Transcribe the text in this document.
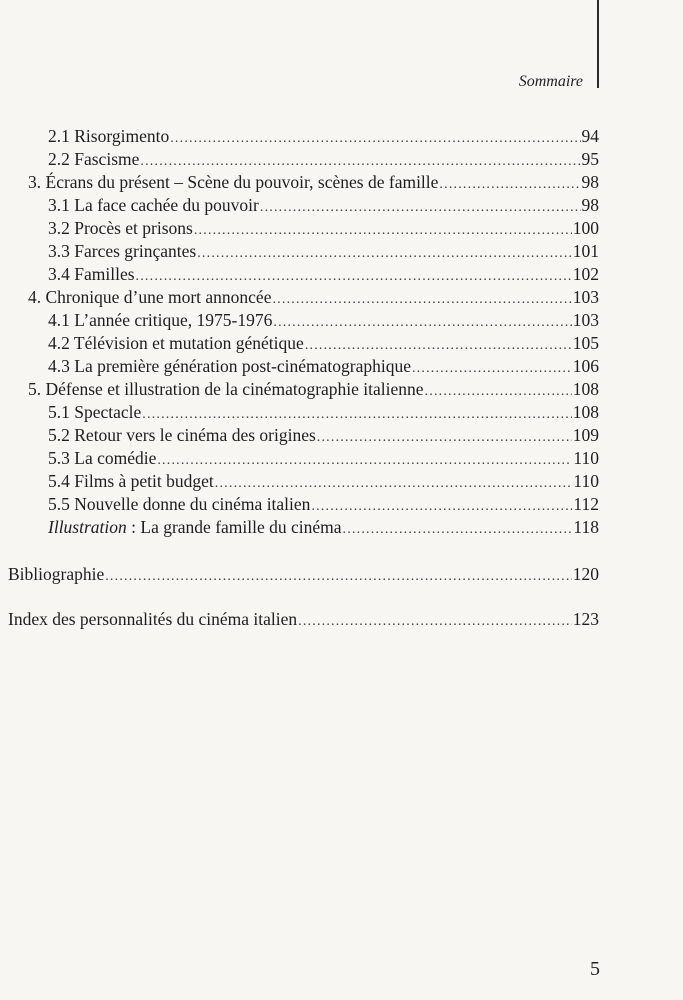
Sommaire
2.1 Risorgimento .....	94
2.2 Fascisme .....	95
3. Écrans du présent – Scène du pouvoir, scènes de famille .....	98
3.1 La face cachée du pouvoir .....	98
3.2 Procès et prisons .....	100
3.3 Farces grinçantes .....	101
3.4 Familles .....	102
4. Chronique d’une mort annoncée .....	103
4.1 L’année critique, 1975-1976 .....	103
4.2 Télévision et mutation génétique .....	105
4.3 La première génération post-cinématographique .....	106
5. Défense et illustration de la cinématographie italienne .....	108
5.1 Spectacle .....	108
5.2 Retour vers le cinéma des origines .....	109
5.3 La comédie .....	110
5.4 Films à petit budget .....	110
5.5 Nouvelle donne du cinéma italien .....	112
Illustration : La grande famille du cinéma .....	118
Bibliographie .....	120
Index des personnalités du cinéma italien .....	123
5
